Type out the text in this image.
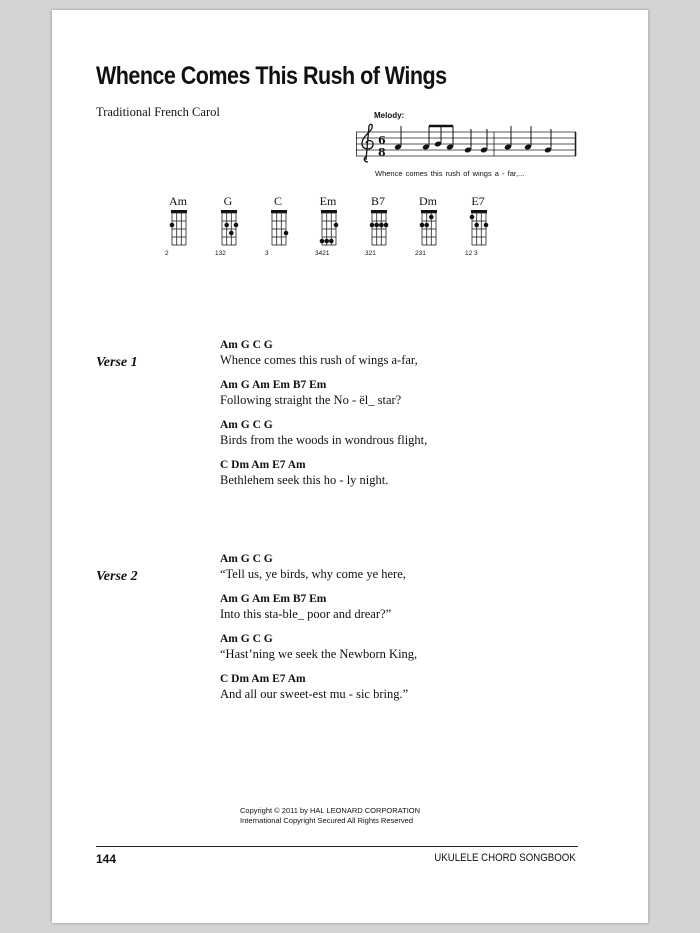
Whence Comes This Rush of Wings
Traditional French Carol	Melody:
6
8
Whence comes this rush of wings a - far,...
Am
2
G
132
C
3
Em
3421
B7
321
Dm
231
E7
12 3
Verse 1
Am G C G
Whence comes this rush of wings a-far,
Am G Am Em B7 Em
Following straight the No - ël_ star?
Am G C G
Birds from the woods in wondrous flight,
C Dm Am E7 Am
Bethlehem seek this ho - ly night.
Verse 2
Am G C G
“Tell us, ye birds, why come ye here,
Am G Am Em B7 Em
Into this sta-ble_ poor and drear?”
Am G C G
“Hast’ning we seek the Newborn King,
C Dm Am E7 Am
And all our sweet-est mu - sic bring.”
Copyright © 2011 by HAL LEONARD CORPORATION
International Copyright Secured All Rights Reserved
144	UKULELE CHORD SONGBOOK
